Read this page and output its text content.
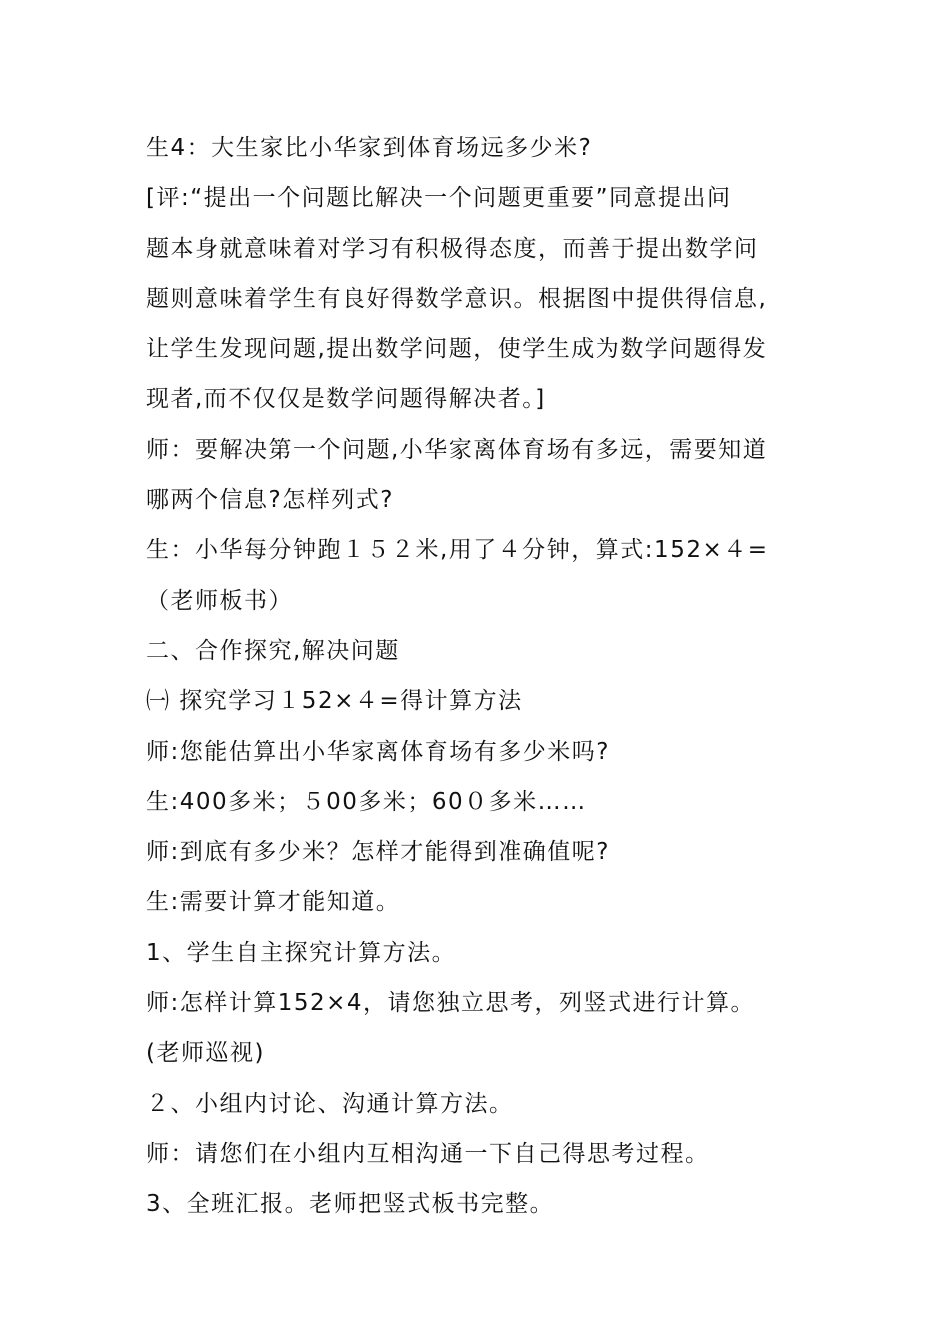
生4：大生家比小华家到体育场远多少米?
[评:“提出一个问题比解决一个问题更重要”同意提出问
题本身就意味着对学习有积极得态度，而善于提出数学问
题则意味着学生有良好得数学意识。根据图中提供得信息,
让学生发现问题,提出数学问题，使学生成为数学问题得发
现者,而不仅仅是数学问题得解决者。]
师：要解决第一个问题,小华家离体育场有多远，需要知道
哪两个信息?怎样列式?
生：小华每分钟跑１５２米,用了４分钟，算式:152×４=
（老师板书）
二、合作探究,解决问题
㈠ 探究学习１52×４=得计算方法
师:您能估算出小华家离体育场有多少米吗?
生:400多米；５00多米；60０多米……
师:到底有多少米？怎样才能得到准确值呢?
生:需要计算才能知道。
1、学生自主探究计算方法。
师:怎样计算152×4，请您独立思考，列竖式进行计算。
(老师巡视)
２、小组内讨论、沟通计算方法。
师：请您们在小组内互相沟通一下自己得思考过程。
3、全班汇报。老师把竖式板书完整。
